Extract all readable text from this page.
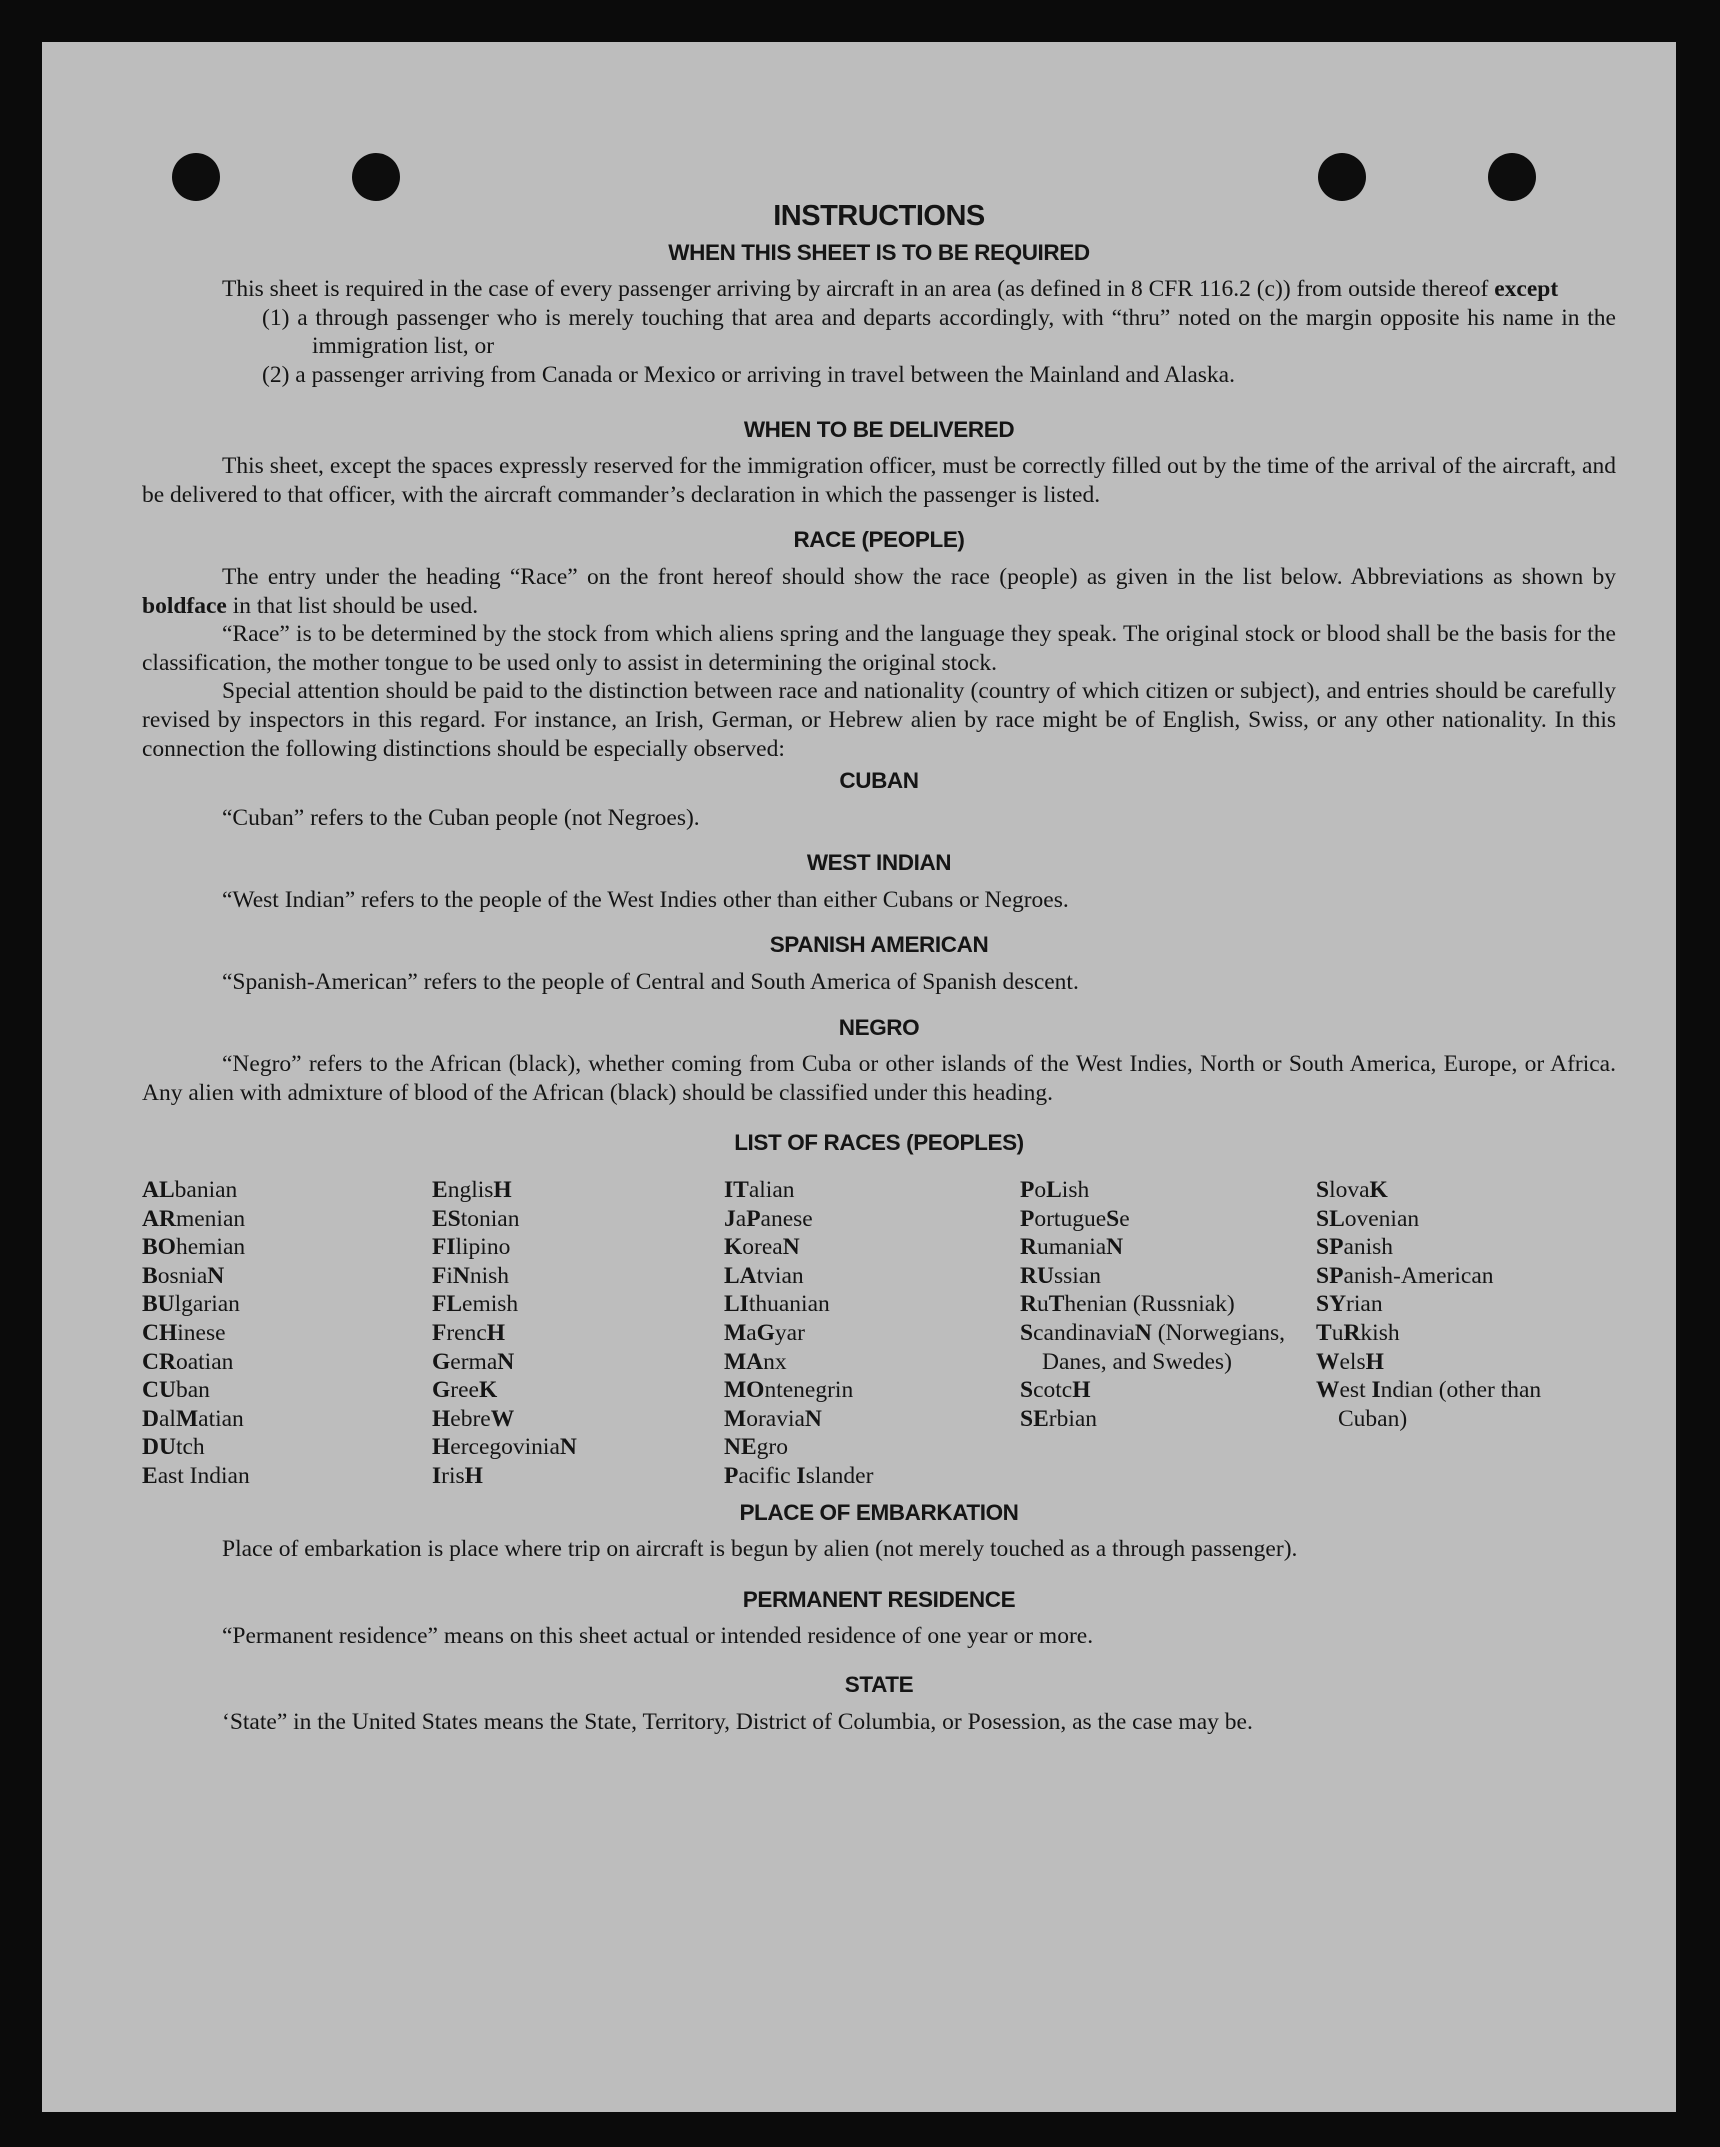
INSTRUCTIONS
WHEN THIS SHEET IS TO BE REQUIRED

This sheet is required in the case of every passenger arriving by aircraft in an area (as defined in 8 CFR 116.2 (c)) from outside thereof except

(1) a through passenger who is merely touching that area and departs accordingly, with “thru” noted on the margin opposite his name in the immigration list, or

(2) a passenger arriving from Canada or Mexico or arriving in travel between the Mainland and Alaska.

WHEN TO BE DELIVERED

This sheet, except the spaces expressly reserved for the immigration officer, must be correctly filled out by the time of the arrival of the aircraft, and be delivered to that officer, with the aircraft commander’s declaration in which the passenger is listed.

RACE (PEOPLE)

The entry under the heading “Race” on the front hereof should show the race (people) as given in the list below. Abbreviations as shown by boldface in that list should be used.

“Race” is to be determined by the stock from which aliens spring and the language they speak. The original stock or blood shall be the basis for the classification, the mother tongue to be used only to assist in determining the original stock.

Special attention should be paid to the distinction between race and nationality (country of which citizen or subject), and entries should be carefully revised by inspectors in this regard. For instance, an Irish, German, or Hebrew alien by race might be of English, Swiss, or any other nationality. In this connection the following distinctions should be especially observed:

CUBAN

“Cuban” refers to the Cuban people (not Negroes).

WEST INDIAN

“West Indian” refers to the people of the West Indies other than either Cubans or Negroes.

SPANISH AMERICAN

“Spanish-American” refers to the people of Central and South America of Spanish descent.

NEGRO

“Negro” refers to the African (black), whether coming from Cuba or other islands of the West Indies, North or South America, Europe, or Africa. Any alien with admixture of blood of the African (black) should be classified under this heading.

LIST OF RACES (PEOPLES)
ALbanian
ARmenian
BOhemian
BosniaN
BUlgarian
CHinese
CRoatian
CUban
DalMatian
DUtch
East Indian
EnglisH
EStonian
FIlipino
FiNnish
FLemish
FrencH
GermaN
GreeK
HebreW
HercegoviniaN
IrisH
ITalian
JaPanese
KoreaN
LAtvian
LIthuanian
MaGyar
MAnx
MOntenegrin
MoraviaN
NEgro
Pacific Islander
PoLish
PortugueSe
RumaniaN
RUssian
RuThenian (Russniak)
ScandinaviaN (Norwegians, Danes, and Swedes)
ScotcH
SErbian
SlovaK
SLovenian
SPanish
SPanish-American
SYrian
TuRkish
WelsH
West Indian (other than Cuban)
PLACE OF EMBARKATION

Place of embarkation is place where trip on aircraft is begun by alien (not merely touched as a through passenger).

PERMANENT RESIDENCE

“Permanent residence” means on this sheet actual or intended residence of one year or more.

STATE

‘State” in the United States means the State, Territory, District of Columbia, or Posession, as the case may be.
